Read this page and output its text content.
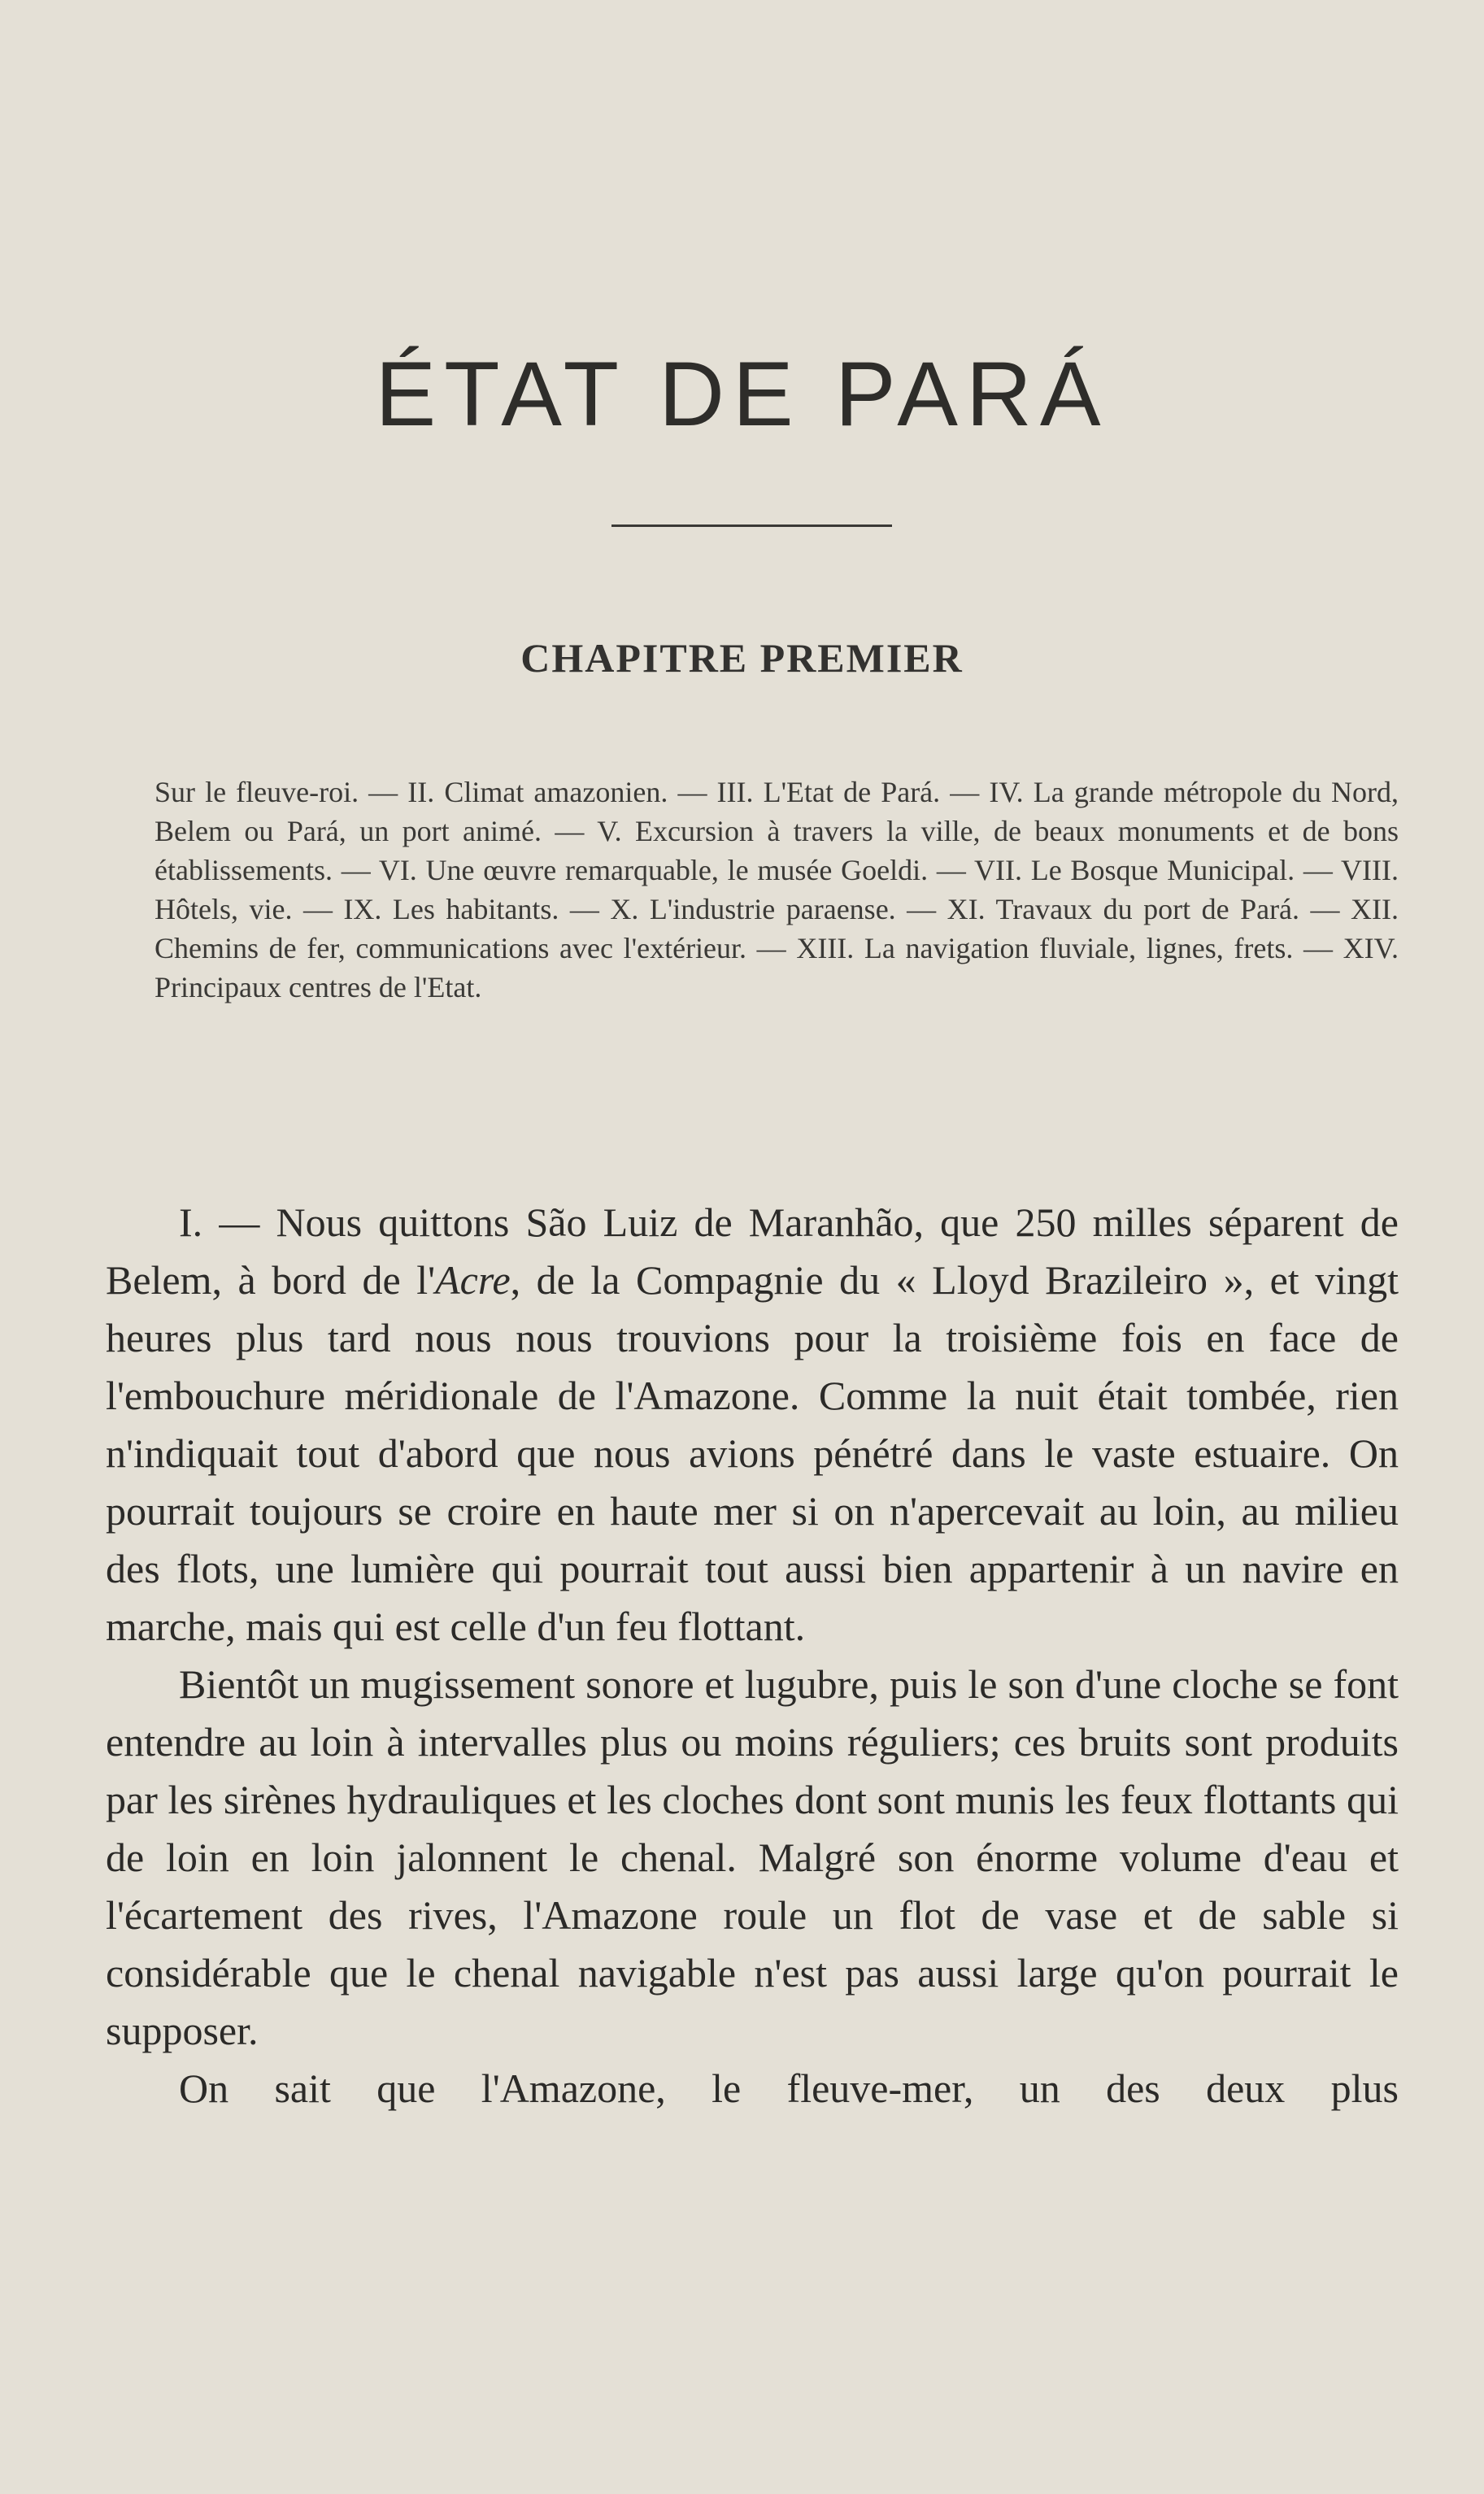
ÉTAT DE PARÁ
CHAPITRE PREMIER

Sur le fleuve-roi. — II. Climat amazonien. — III. L'Etat de Pará. — IV. La grande métropole du Nord, Belem ou Pará, un port animé. — V. Excursion à travers la ville, de beaux monuments et de bons établissements. — VI. Une œuvre remarquable, le musée Goeldi. — VII. Le Bosque Municipal. — VIII. Hôtels, vie. — IX. Les habitants. — X. L'industrie paraense. — XI. Travaux du port de Pará. — XII. Chemins de fer, communications avec l'extérieur. — XIII. La navigation fluviale, lignes, frets. — XIV. Principaux centres de l'Etat.

I. — Nous quittons São Luiz de Maranhão, que 250 milles séparent de Belem, à bord de l'Acre, de la Compagnie du « Lloyd Brazileiro », et vingt heures plus tard nous nous trouvions pour la troisième fois en face de l'embouchure méridionale de l'Amazone. Comme la nuit était tombée, rien n'indiquait tout d'abord que nous avions pénétré dans le vaste estuaire. On pourrait toujours se croire en haute mer si on n'apercevait au loin, au milieu des flots, une lumière qui pourrait tout aussi bien appartenir à un navire en marche, mais qui est celle d'un feu flottant.

Bientôt un mugissement sonore et lugubre, puis le son d'une cloche se font entendre au loin à intervalles plus ou moins réguliers; ces bruits sont produits par les sirènes hydrauliques et les cloches dont sont munis les feux flottants qui de loin en loin jalonnent le chenal. Malgré son énorme volume d'eau et l'écartement des rives, l'Amazone roule un flot de vase et de sable si considérable que le chenal navigable n'est pas aussi large qu'on pourrait le supposer.

On sait que l'Amazone, le fleuve-mer, un des deux plus
